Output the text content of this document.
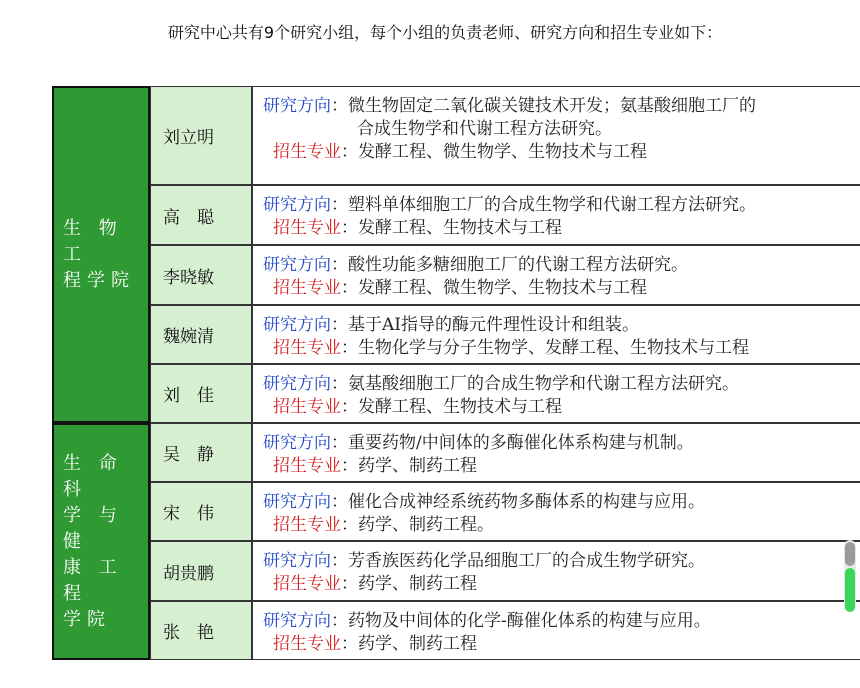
研究中心共有9个研究小组，每个小组的负责老师、研究方向和招生专业如下：
生 物 工
程学院
生 命 科
学 与 健
康 工 程
学院
刘立明
研究方向：微生物固定二氧化碳关键技术开发；氨基酸细胞工厂的
合成生物学和代谢工程方法研究。
招生专业：发酵工程、微生物学、生物技术与工程
高　聪
研究方向：塑料单体细胞工厂的合成生物学和代谢工程方法研究。
招生专业：发酵工程、生物技术与工程
李晓敏
研究方向：酸性功能多糖细胞工厂的代谢工程方法研究。
招生专业：发酵工程、微生物学、生物技术与工程
魏婉清
研究方向：基于AI指导的酶元件理性设计和组装。
招生专业：生物化学与分子生物学、发酵工程、生物技术与工程
刘　佳
研究方向：氨基酸细胞工厂的合成生物学和代谢工程方法研究。
招生专业：发酵工程、生物技术与工程
吴　静
研究方向：重要药物/中间体的多酶催化体系构建与机制。
招生专业：药学、制药工程
宋　伟
研究方向：催化合成神经系统药物多酶体系的构建与应用。
招生专业：药学、制药工程。
胡贵鹏
研究方向：芳香族医药化学品细胞工厂的合成生物学研究。
招生专业：药学、制药工程
张　艳
研究方向：药物及中间体的化学-酶催化体系的构建与应用。
招生专业：药学、制药工程
